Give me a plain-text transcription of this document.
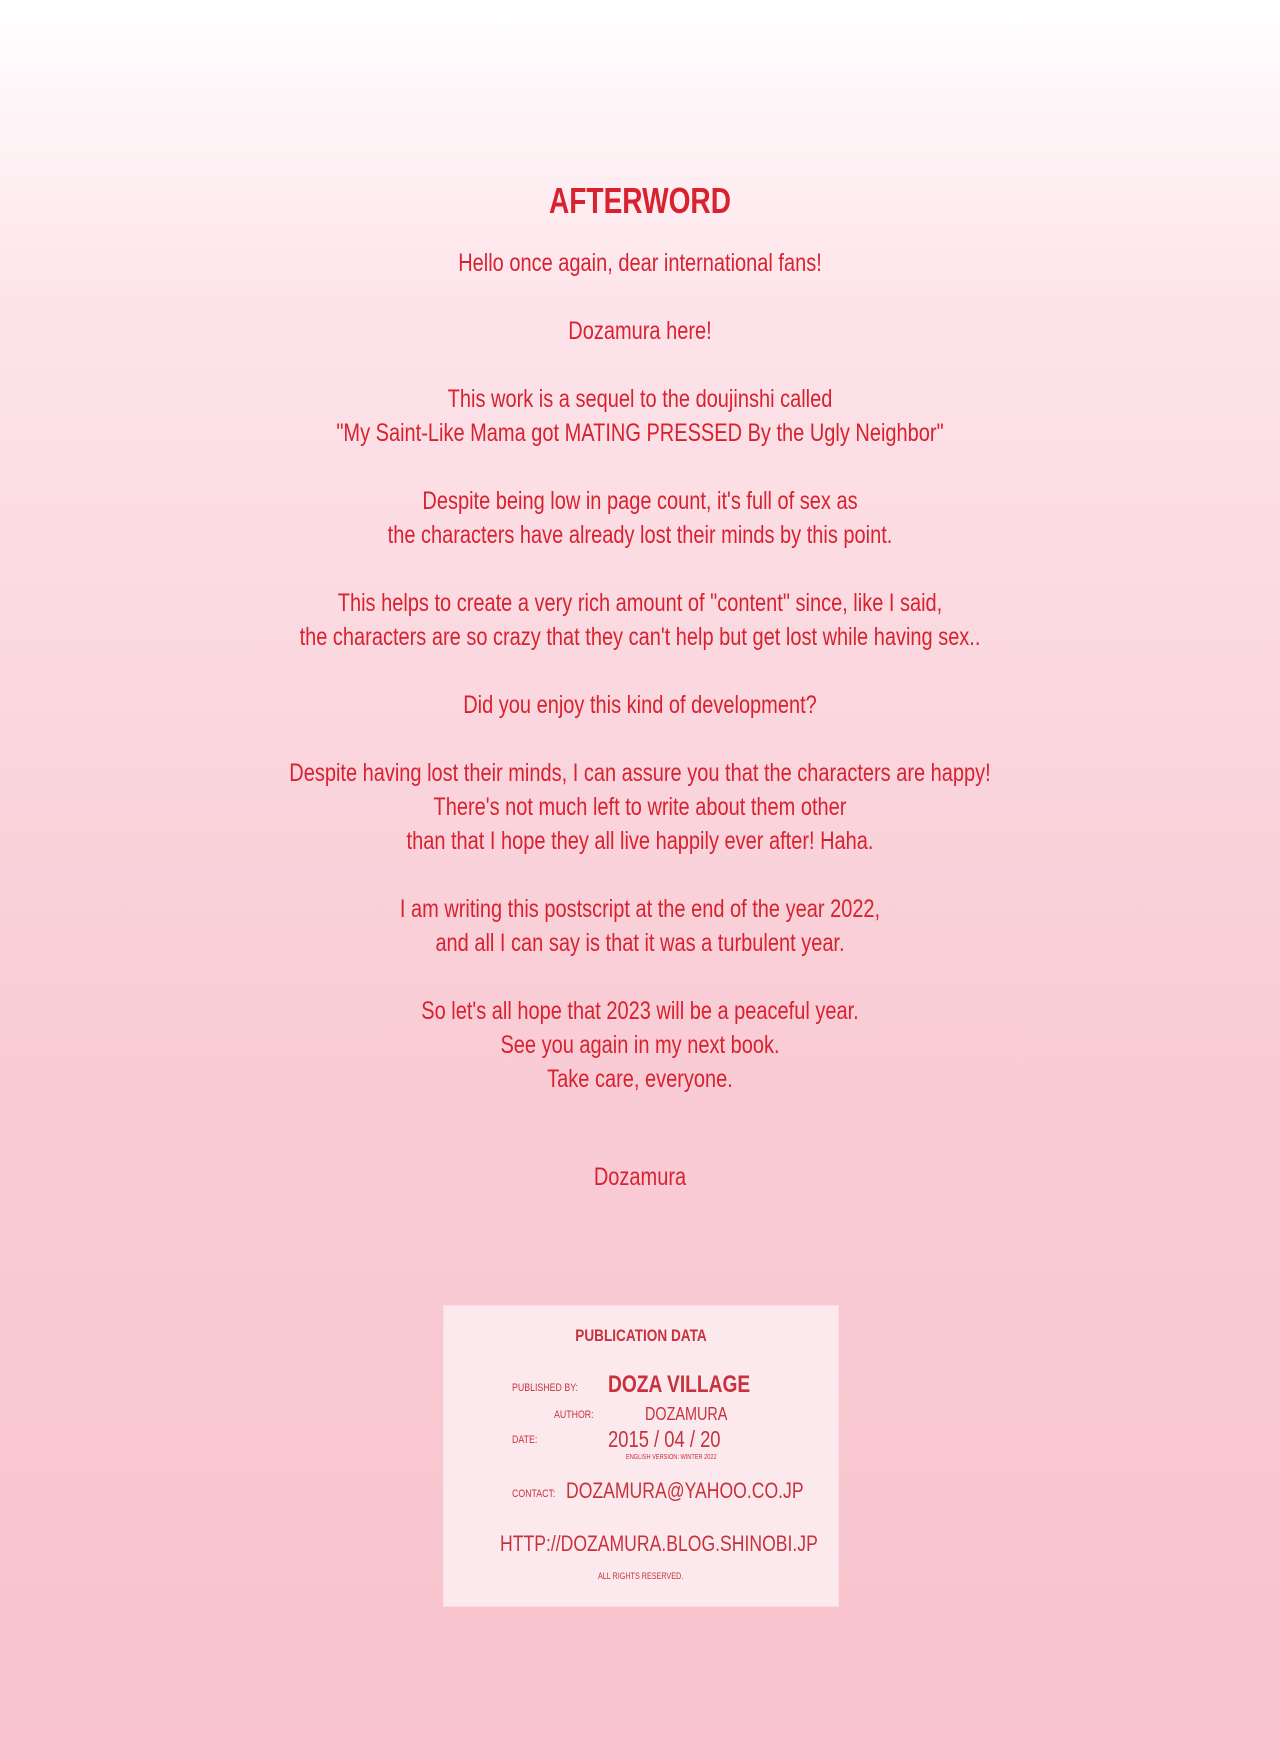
AFTERWORD
Hello once again, dear international fans!
Dozamura here!
This work is a sequel to the doujinshi called
"My Saint-Like Mama got MATING PRESSED By the Ugly Neighbor"
Despite being low in page count, it's full of sex as
the characters have already lost their minds by this point.
This helps to create a very rich amount of "content" since, like I said,
the characters are so crazy that they can't help but get lost while having sex..
Did you enjoy this kind of development?
Despite having lost their minds, I can assure you that the characters are happy!
There's not much left to write about them other
than that I hope they all live happily ever after! Haha.
I am writing this postscript at the end of the year 2022,
and all I can say is that it was a turbulent year.
So let's all hope that 2023 will be a peaceful year.
See you again in my next book.
Take care, everyone.
Dozamura
PUBLICATION DATA
PUBLISHED BY: DOZA VILLAGE
AUTHOR:	DOZAMURA
DATE:	2015 / 04 / 20
ENGLISH VERSION: WINTER 2022
CONTACT: DOZAMURA@YAHOO.CO.JP
HTTP://DOZAMURA.BLOG.SHINOBI.JP
ALL RIGHTS RESERVED.
